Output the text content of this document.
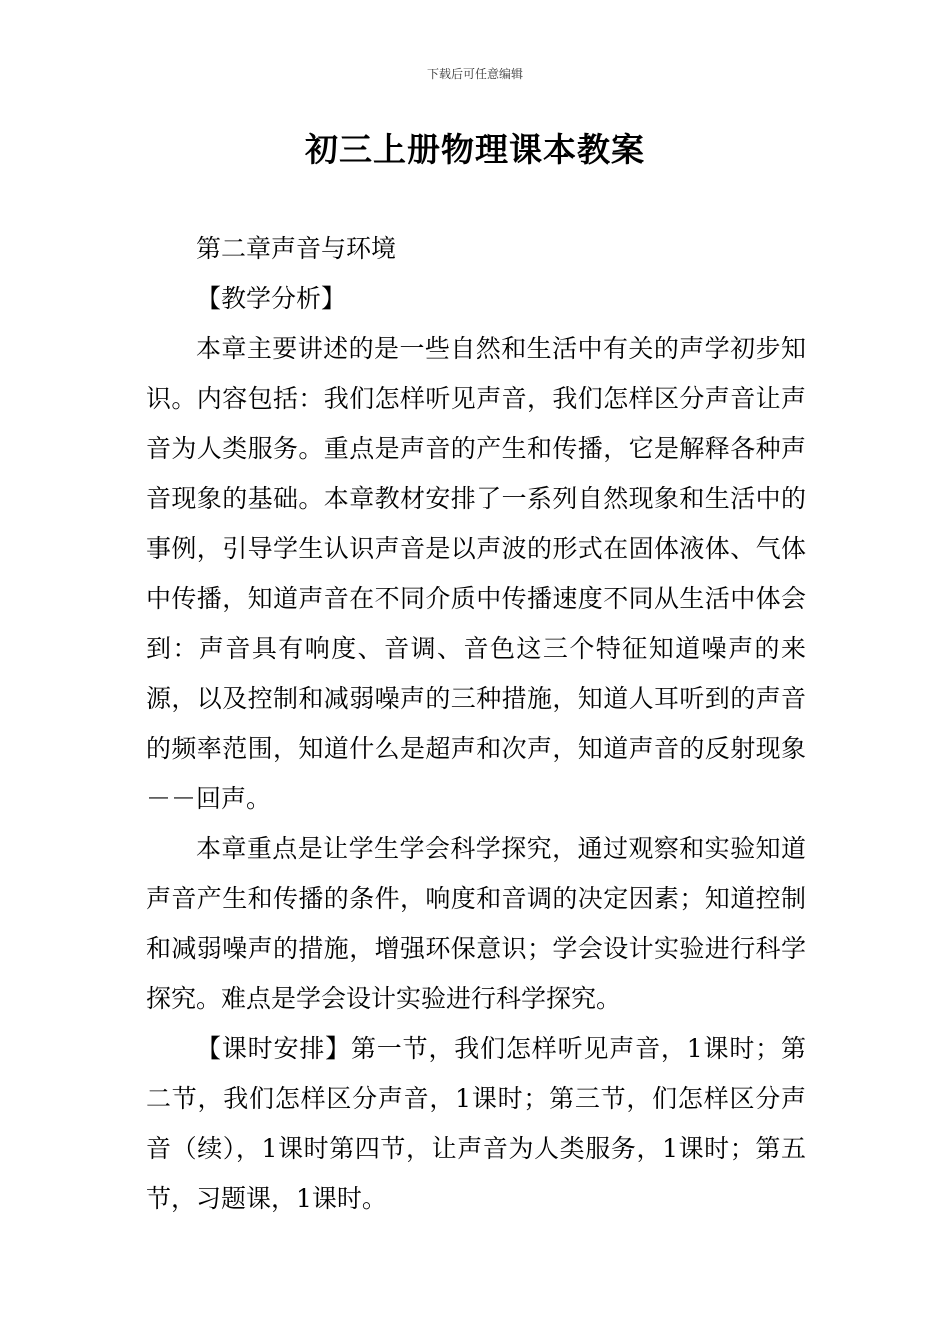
下载后可任意编辑
初三上册物理课本教案

第二章声音与环境

【教学分析】

本章主要讲述的是一些自然和生活中有关的声学初步知识。内容包括：我们怎样听见声音，我们怎样区分声音让声音为人类服务。重点是声音的产生和传播，它是解释各种声音现象的基础。本章教材安排了一系列自然现象和生活中的事例，引导学生认识声音是以声波的形式在固体液体、气体中传播，知道声音在不同介质中传播速度不同从生活中体会到：声音具有响度、音调、音色这三个特征知道噪声的来源，以及控制和减弱噪声的三种措施，知道人耳听到的声音的频率范围，知道什么是超声和次声，知道声音的反射现象－－回声。

本章重点是让学生学会科学探究，通过观察和实验知道声音产生和传播的条件，响度和音调的决定因素；知道控制和减弱噪声的措施，增强环保意识；学会设计实验进行科学探究。难点是学会设计实验进行科学探究。

【课时安排】第一节，我们怎样听见声音，1课时；第二节，我们怎样区分声音，1课时；第三节，们怎样区分声音（续），1课时第四节，让声音为人类服务，1课时；第五节，习题课，1课时。
